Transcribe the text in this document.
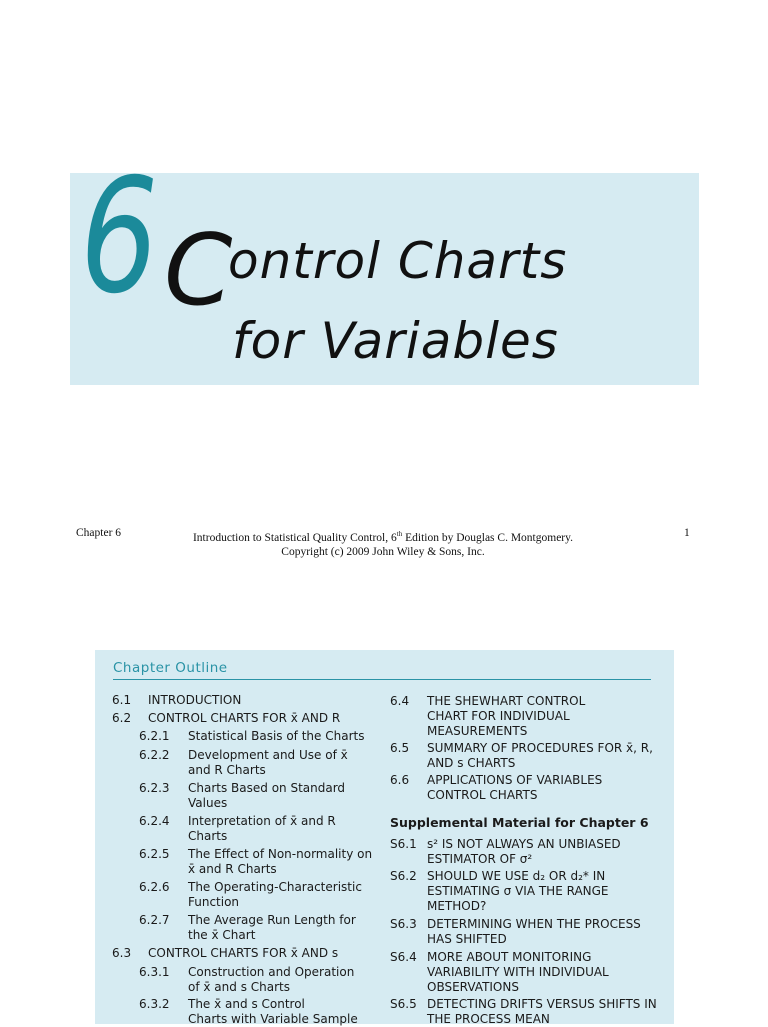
6 C
ontrol Charts
for Variables
Chapter 6	Introduction to Statistical Quality Control, 6th Edition by Douglas C. Montgomery.
Copyright (c) 2009 John Wiley & Sons, Inc.
1
Chapter Outline
Supplemental Material for Chapter 6
6.1 INTRODUCTION
6.2 CONTROL CHARTS FOR x̄ AND R
6.2.1 Statistical Basis of the Charts
6.2.2 Development and Use of x̄
and R Charts
6.2.3 Charts Based on Standard
Values
6.2.4 Interpretation of x̄ and R
Charts
6.2.5 The Effect of Non-normality on
x̄ and R Charts
6.2.6 The Operating-Characteristic
Function
6.2.7 The Average Run Length for
the x̄ Chart
6.3 CONTROL CHARTS FOR x̄ AND s
6.3.1 Construction and Operation
of x̄ and s Charts
6.3.2 The x̄ and s Control
Charts with Variable Sample
6.4 THE SHEWHART CONTROL
CHART FOR INDIVIDUAL
MEASUREMENTS
6.5 SUMMARY OF PROCEDURES FOR x̄, R,
AND s CHARTS
6.6 APPLICATIONS OF VARIABLES
CONTROL CHARTS
S6.1 s² IS NOT ALWAYS AN UNBIASED
ESTIMATOR OF σ²
S6.2 SHOULD WE USE d₂ OR d₂* IN
ESTIMATING σ VIA THE RANGE
METHOD?
S6.3 DETERMINING WHEN THE PROCESS
HAS SHIFTED
S6.4 MORE ABOUT MONITORING
VARIABILITY WITH INDIVIDUAL
OBSERVATIONS
S6.5 DETECTING DRIFTS VERSUS SHIFTS IN
THE PROCESS MEAN
